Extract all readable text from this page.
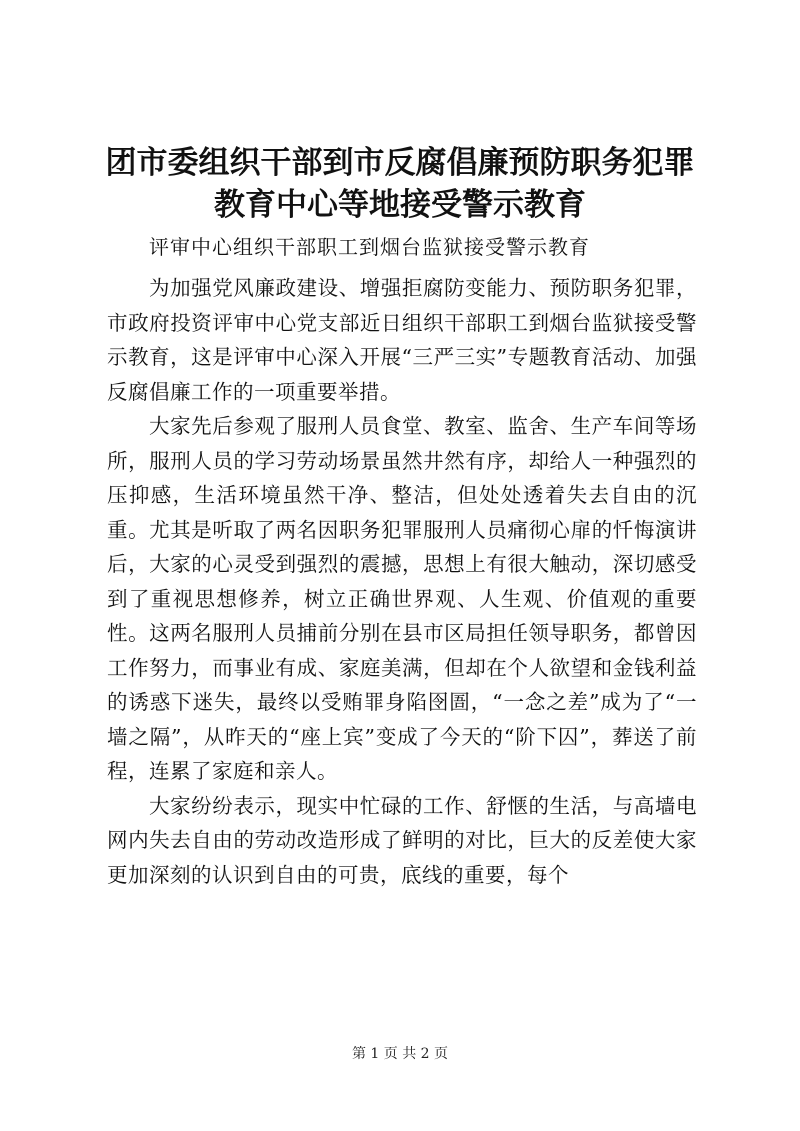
团市委组织干部到市反腐倡廉预防职务犯罪教育中心等地接受警示教育
评审中心组织干部职工到烟台监狱接受警示教育

为加强党风廉政建设、增强拒腐防变能力、预防职务犯罪，市政府投资评审中心党支部近日组织干部职工到烟台监狱接受警示教育，这是评审中心深入开展“三严三实”专题教育活动、加强反腐倡廉工作的一项重要举措。

大家先后参观了服刑人员食堂、教室、监舍、生产车间等场所，服刑人员的学习劳动场景虽然井然有序，却给人一种强烈的压抑感，生活环境虽然干净、整洁，但处处透着失去自由的沉重。尤其是听取了两名因职务犯罪服刑人员痛彻心扉的忏悔演讲后，大家的心灵受到强烈的震撼，思想上有很大触动，深切感受到了重视思想修养，树立正确世界观、人生观、价值观的重要性。这两名服刑人员捕前分别在县市区局担任领导职务，都曾因工作努力，而事业有成、家庭美满，但却在个人欲望和金钱利益的诱惑下迷失，最终以受贿罪身陷囹圄，“一念之差”成为了“一墙之隔”，从昨天的“座上宾”变成了今天的“阶下囚”，葬送了前程，连累了家庭和亲人。

大家纷纷表示，现实中忙碌的工作、舒惬的生活，与高墙电网内失去自由的劳动改造形成了鲜明的对比，巨大的反差使大家更加深刻的认识到自由的可贵，底线的重要，每个

第 1 页 共 2 页
